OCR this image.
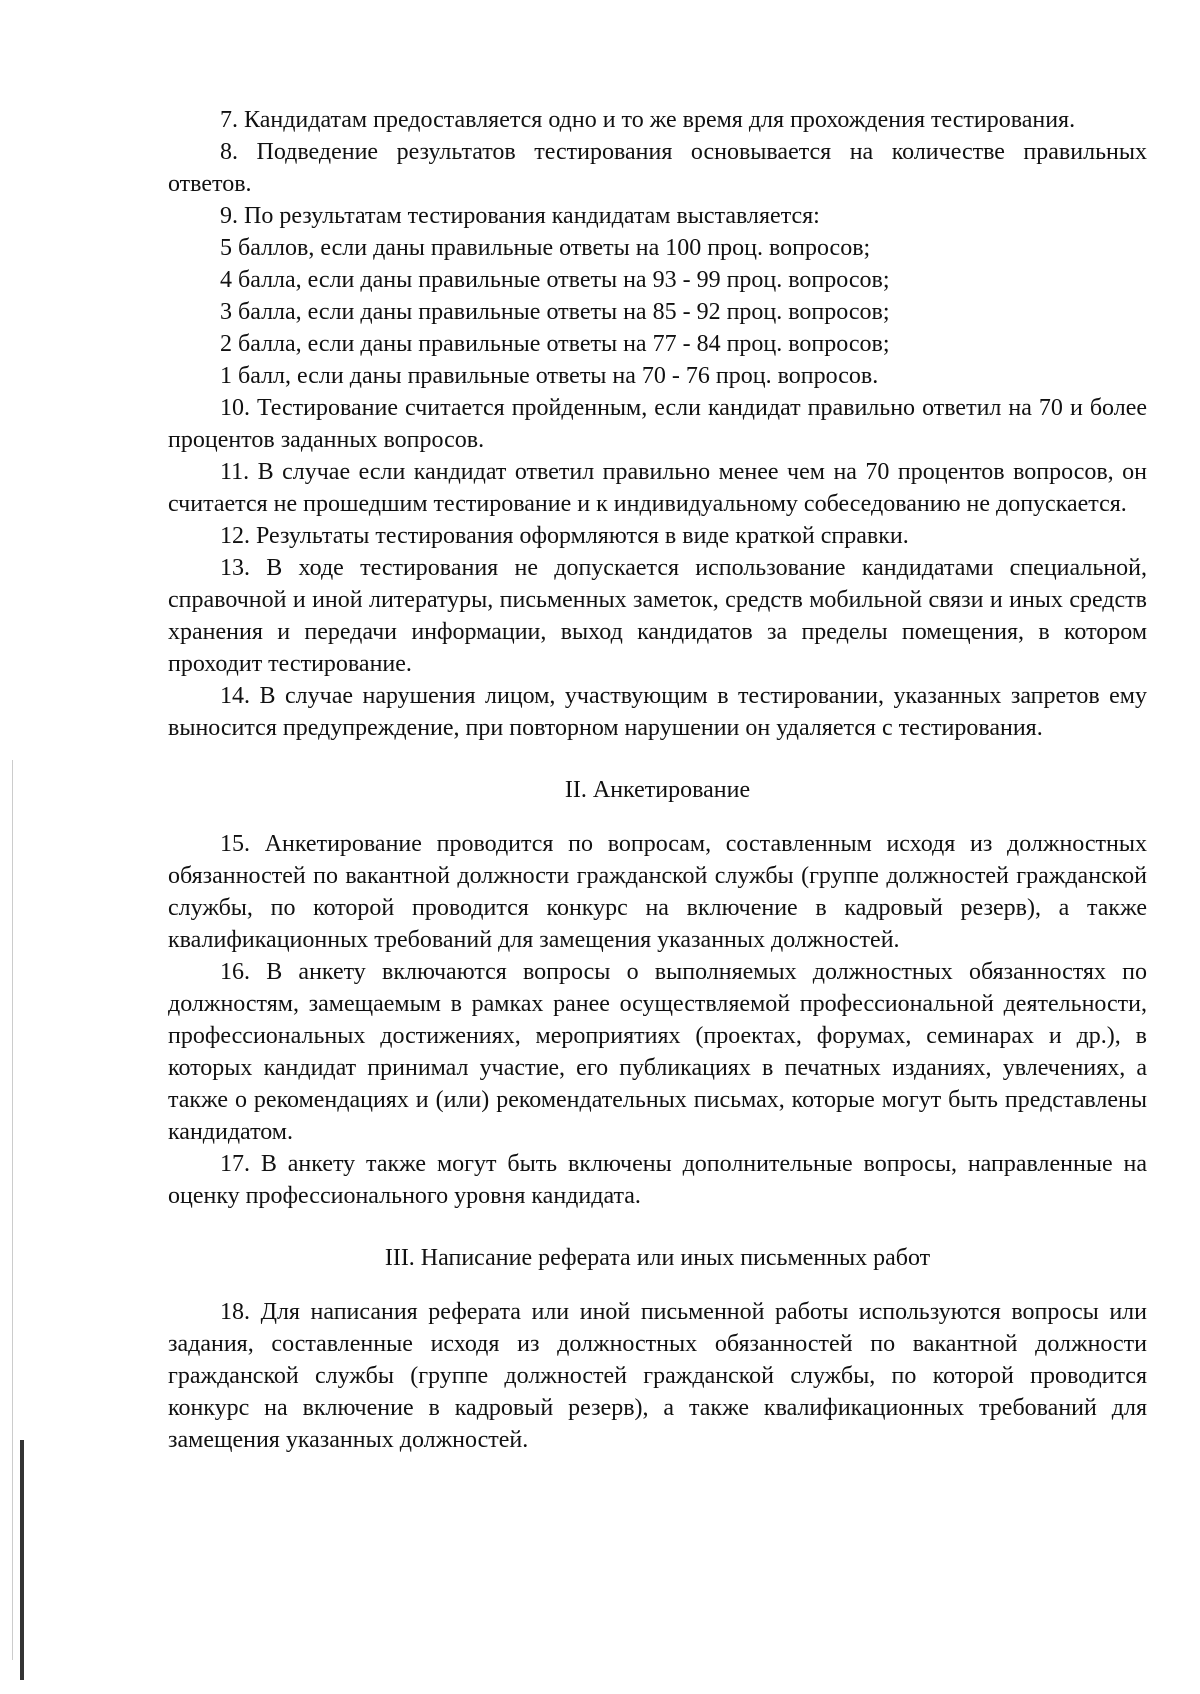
7. Кандидатам предоставляется одно и то же время для прохождения тестирования.

8. Подведение результатов тестирования основывается на количестве правильных ответов.

9. По результатам тестирования кандидатам выставляется:

5 баллов, если даны правильные ответы на 100 проц. вопросов;

4 балла, если даны правильные ответы на 93 - 99 проц. вопросов;

3 балла, если даны правильные ответы на 85 - 92 проц. вопросов;

2 балла, если даны правильные ответы на 77 - 84 проц. вопросов;

1 балл, если даны правильные ответы на 70 - 76 проц. вопросов.

10. Тестирование считается пройденным, если кандидат правильно ответил на 70 и более процентов заданных вопросов.

11. В случае если кандидат ответил правильно менее чем на 70 процентов вопросов, он считается не прошедшим тестирование и к индивидуальному собеседованию не допускается.

12. Результаты тестирования оформляются в виде краткой справки.

13. В ходе тестирования не допускается использование кандидатами специальной, справочной и иной литературы, письменных заметок, средств мобильной связи и иных средств хранения и передачи информации, выход кандидатов за пределы помещения, в котором проходит тестирование.

14. В случае нарушения лицом, участвующим в тестировании, указанных запретов ему выносится предупреждение, при повторном нарушении он удаляется с тестирования.

II. Анкетирование

15. Анкетирование проводится по вопросам, составленным исходя из должностных обязанностей по вакантной должности гражданской службы (группе должностей гражданской службы, по которой проводится конкурс на включение в кадровый резерв), а также квалификационных требований для замещения указанных должностей.

16. В анкету включаются вопросы о выполняемых должностных обязанностях по должностям, замещаемым в рамках ранее осуществляемой профессиональной деятельности, профессиональных достижениях, мероприятиях (проектах, форумах, семинарах и др.), в которых кандидат принимал участие, его публикациях в печатных изданиях, увлечениях, а также о рекомендациях и (или) рекомендательных письмах, которые могут быть представлены кандидатом.

17. В анкету также могут быть включены дополнительные вопросы, направленные на оценку профессионального уровня кандидата.

III. Написание реферата или иных письменных работ

18. Для написания реферата или иной письменной работы используются вопросы или задания, составленные исходя из должностных обязанностей по вакантной должности гражданской службы (группе должностей гражданской службы, по которой проводится конкурс на включение в кадровый резерв), а также квалификационных требований для замещения указанных должностей.
